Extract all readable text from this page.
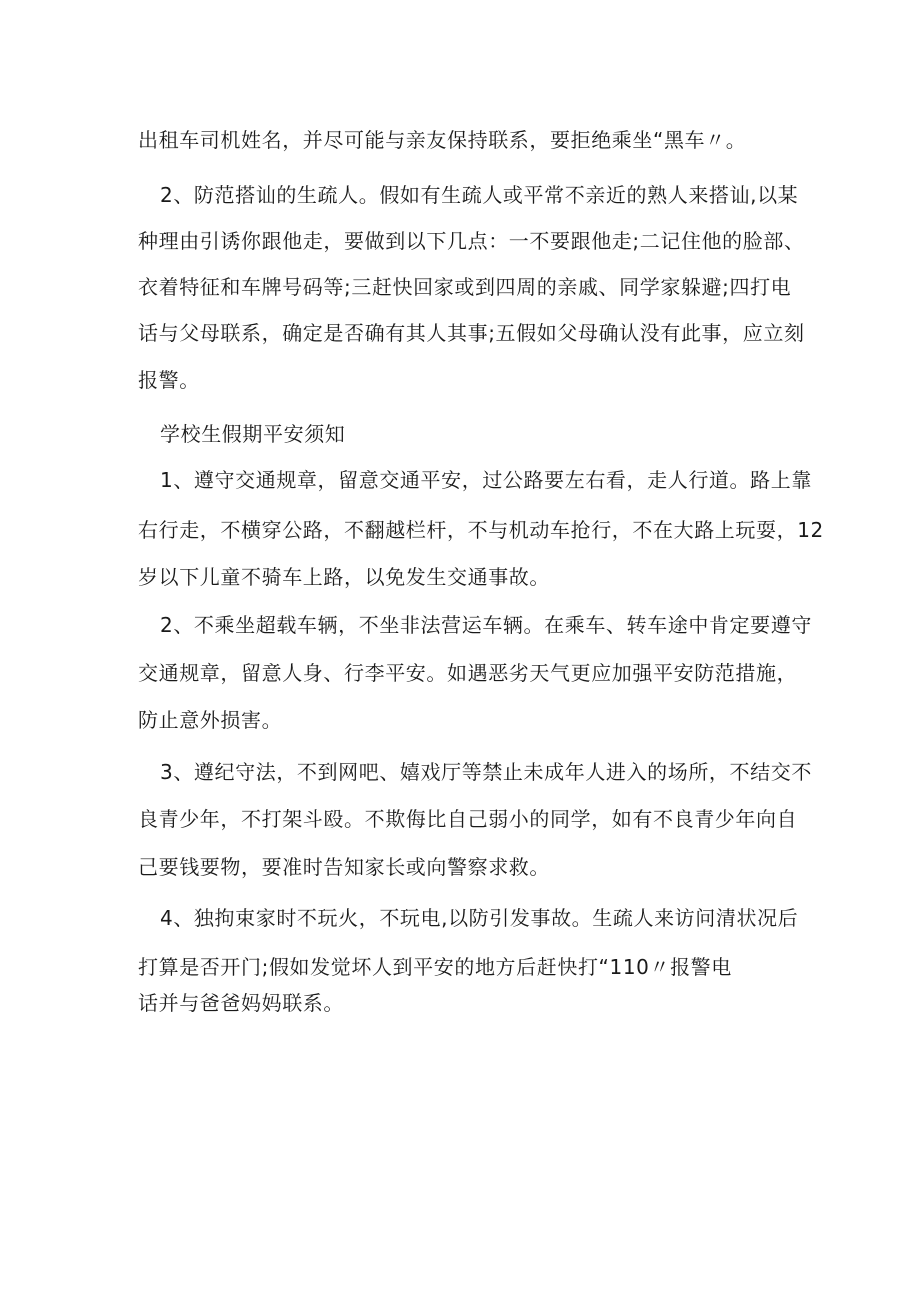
出租车司机姓名，并尽可能与亲友保持联系，要拒绝乘坐“黑车〃。
2、防范搭讪的生疏人。假如有生疏人或平常不亲近的熟人来搭讪,以某
种理由引诱你跟他走，要做到以下几点：一不要跟他走;二记住他的脸部、
衣着特征和车牌号码等;三赶快回家或到四周的亲戚、同学家躲避;四打电
话与父母联系，确定是否确有其人其事;五假如父母确认没有此事，应立刻
报警。
学校生假期平安须知
1、遵守交通规章，留意交通平安，过公路要左右看，走人行道。路上靠
右行走，不横穿公路，不翻越栏杆，不与机动车抢行，不在大路上玩耍，12
岁以下儿童不骑车上路，以免发生交通事故。
2、不乘坐超载车辆，不坐非法营运车辆。在乘车、转车途中肯定要遵守
交通规章，留意人身、行李平安。如遇恶劣天气更应加强平安防范措施，
防止意外损害。
3、遵纪守法，不到网吧、嬉戏厅等禁止未成年人进入的场所，不结交不
良青少年，不打架斗殴。不欺侮比自己弱小的同学，如有不良青少年向自
己要钱要物，要准时告知家长或向警察求救。
4、独拘束家时不玩火，不玩电,以防引发事故。生疏人来访问清状况后
打算是否开门;假如发觉坏人到平安的地方后赶快打“110〃报警电
话并与爸爸妈妈联系。
